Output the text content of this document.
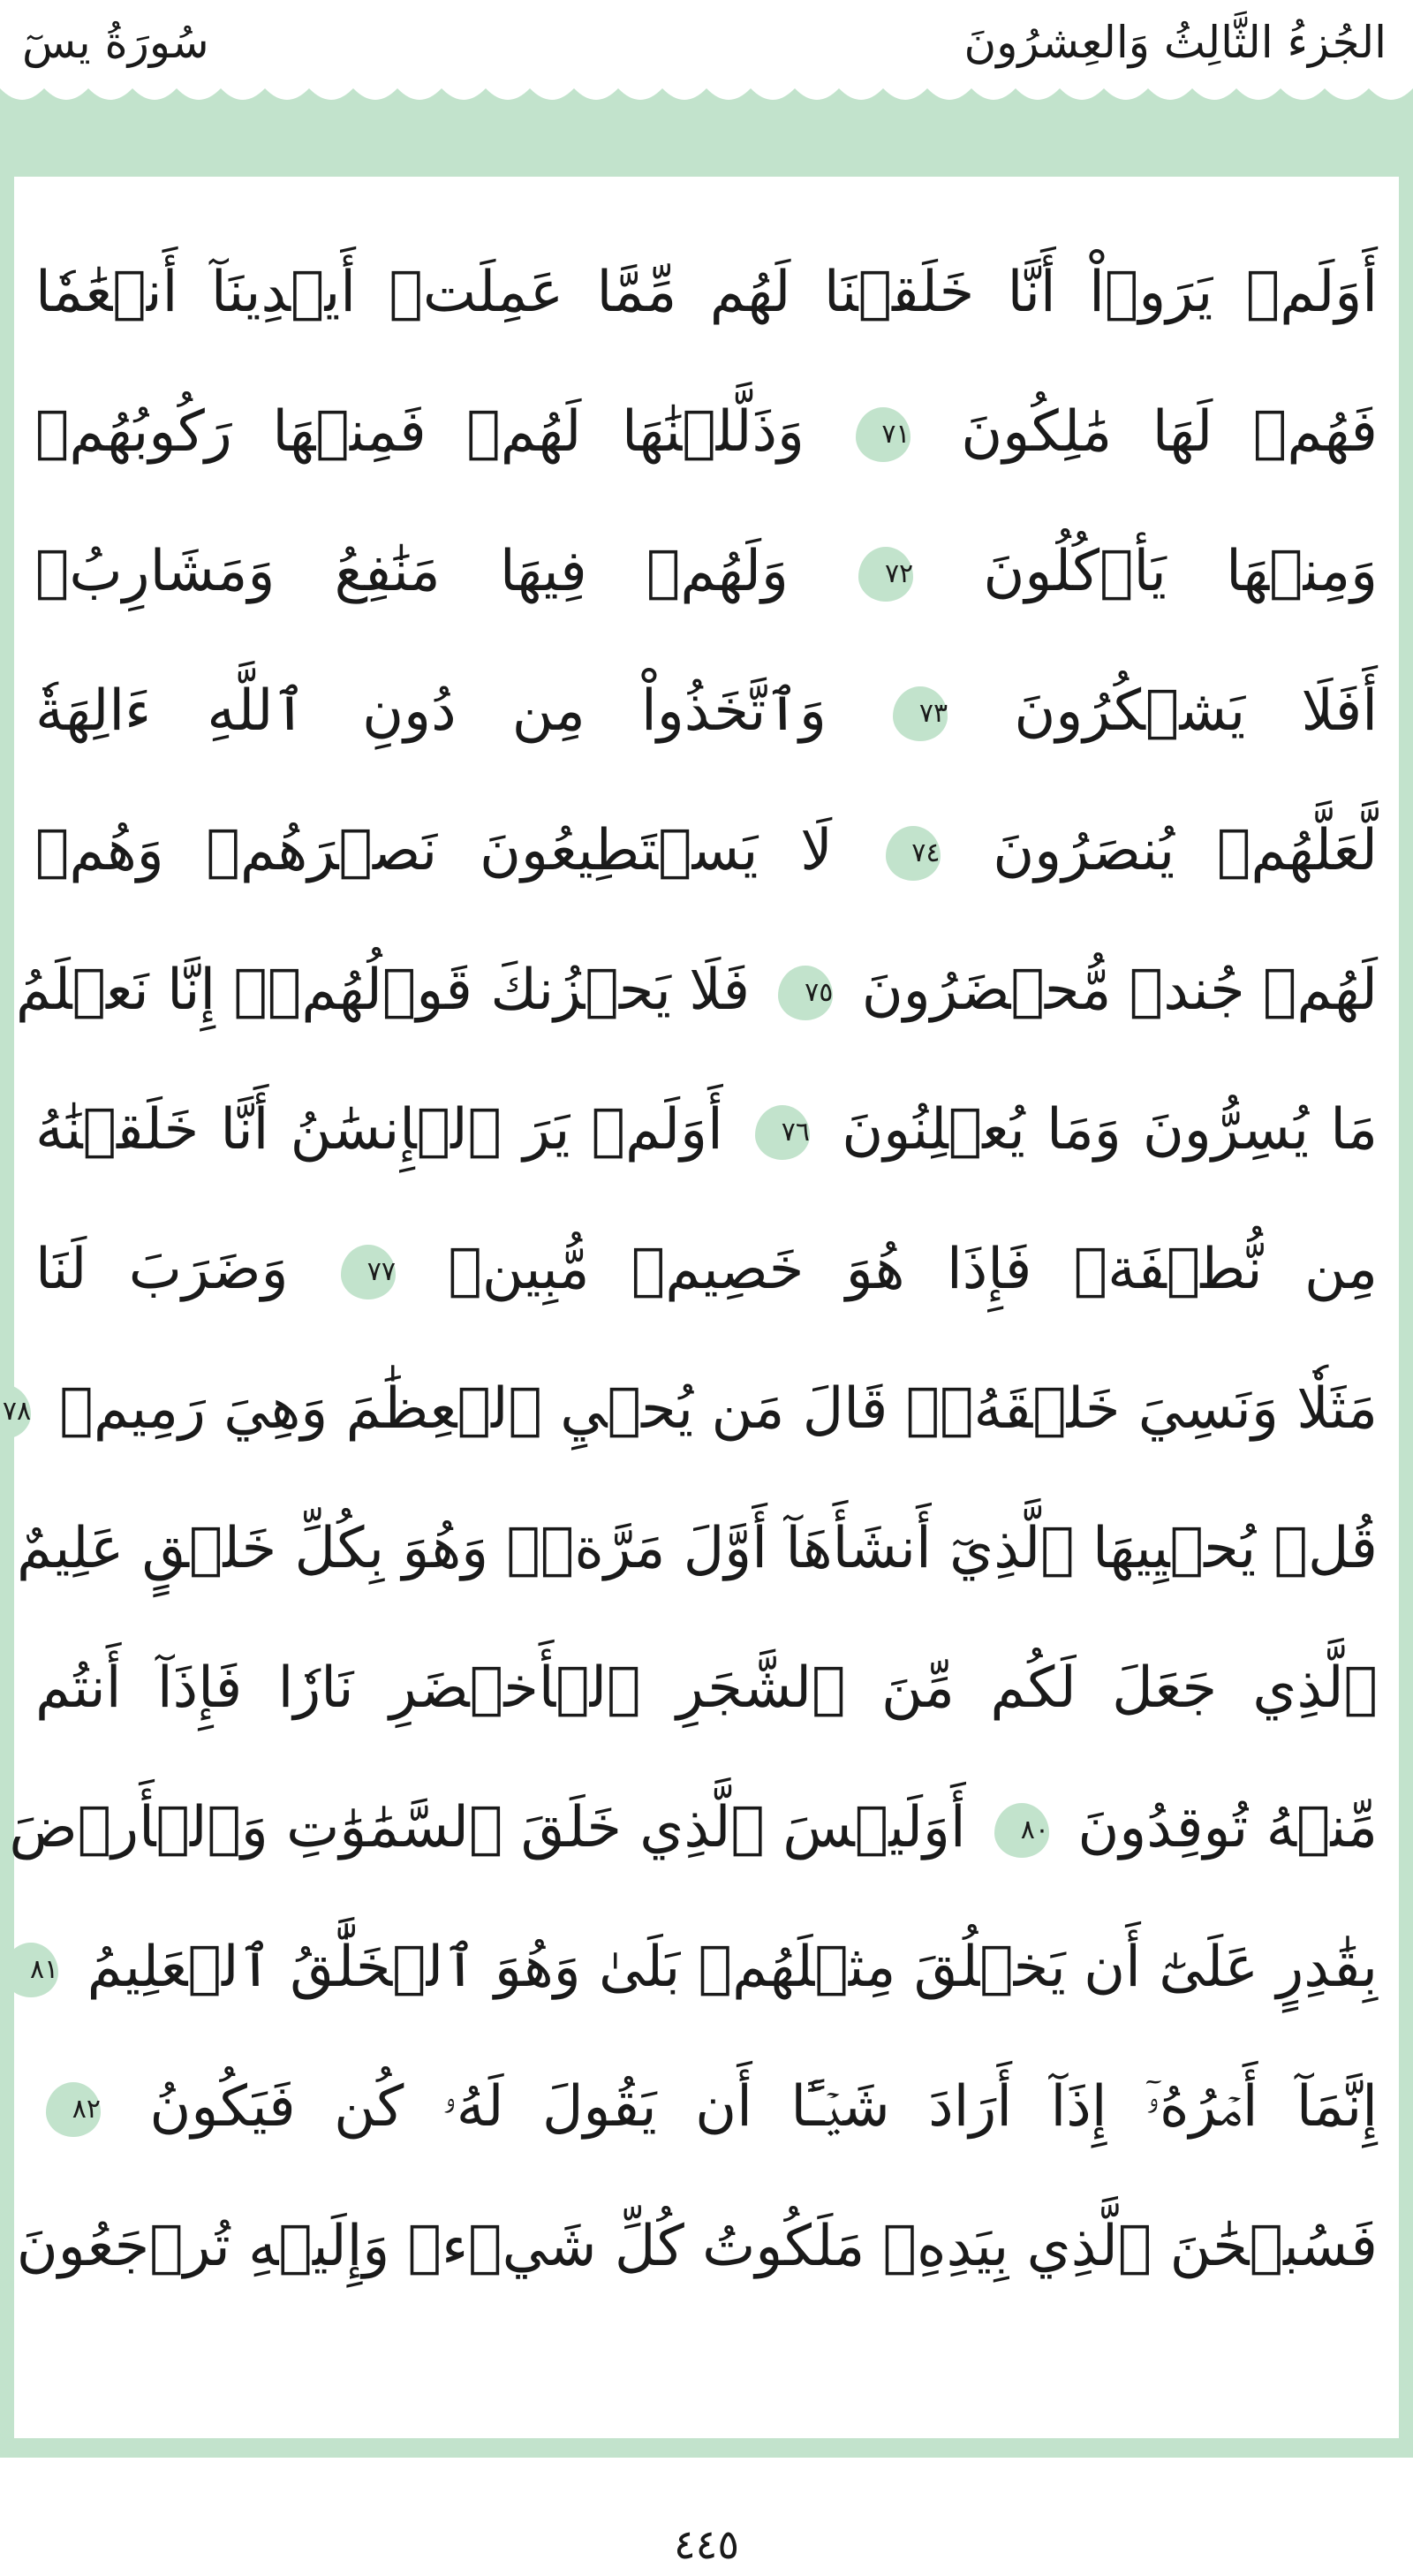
الجُزءُ الثَّالِثُ وَالعِشرُونَ
سُورَةُ يسٓ
أَوَلَمۡ يَرَوۡاْ أَنَّا خَلَقۡنَا لَهُم مِّمَّا عَمِلَتۡ أَيۡدِينَآ أَنۡعَٰمٗا
فَهُمۡ لَهَا مَٰلِكُونَ ٧١ وَذَلَّلۡنَٰهَا لَهُمۡ فَمِنۡهَا رَكُوبُهُمۡ
وَمِنۡهَا يَأۡكُلُونَ ٧٢ وَلَهُمۡ فِيهَا مَنَٰفِعُ وَمَشَارِبُۚ
أَفَلَا يَشۡكُرُونَ ٧٣ وَٱتَّخَذُواْ مِن دُونِ ٱللَّهِ ءَالِهَةٗ
لَّعَلَّهُمۡ يُنصَرُونَ ٧٤ لَا يَسۡتَطِيعُونَ نَصۡرَهُمۡ وَهُمۡ
لَهُمۡ جُندٞ مُّحۡضَرُونَ ٧٥ فَلَا يَحۡزُنكَ قَوۡلُهُمۡۘ إِنَّا نَعۡلَمُ
مَا يُسِرُّونَ وَمَا يُعۡلِنُونَ ٧٦ أَوَلَمۡ يَرَ ٱلۡإِنسَٰنُ أَنَّا خَلَقۡنَٰهُ
مِن نُّطۡفَةٖ فَإِذَا هُوَ خَصِيمٞ مُّبِينٞ ٧٧ وَضَرَبَ لَنَا
مَثَلٗا وَنَسِيَ خَلۡقَهُۥۖ قَالَ مَن يُحۡيِ ٱلۡعِظَٰمَ وَهِيَ رَمِيمٞ ٧٨
قُلۡ يُحۡيِيهَا ٱلَّذِيٓ أَنشَأَهَآ أَوَّلَ مَرَّةٖۖ وَهُوَ بِكُلِّ خَلۡقٍ عَلِيمٌ
ٱلَّذِي جَعَلَ لَكُم مِّنَ ٱلشَّجَرِ ٱلۡأَخۡضَرِ نَارٗا فَإِذَآ أَنتُم
مِّنۡهُ تُوقِدُونَ ٨٠ أَوَلَيۡسَ ٱلَّذِي خَلَقَ ٱلسَّمَٰوَٰتِ وَٱلۡأَرۡضَ
بِقَٰدِرٍ عَلَىٰٓ أَن يَخۡلُقَ مِثۡلَهُمۚ بَلَىٰ وَهُوَ ٱلۡخَلَّٰقُ ٱلۡعَلِيمُ ٨١
إِنَّمَآ أَمۡرُهُۥٓ إِذَآ أَرَادَ شَيۡـًٔا أَن يَقُولَ لَهُۥ كُن فَيَكُونُ ٨٢
فَسُبۡحَٰنَ ٱلَّذِي بِيَدِهِۦ مَلَكُوتُ كُلِّ شَيۡءٖ وَإِلَيۡهِ تُرۡجَعُونَ
٤٤٥
